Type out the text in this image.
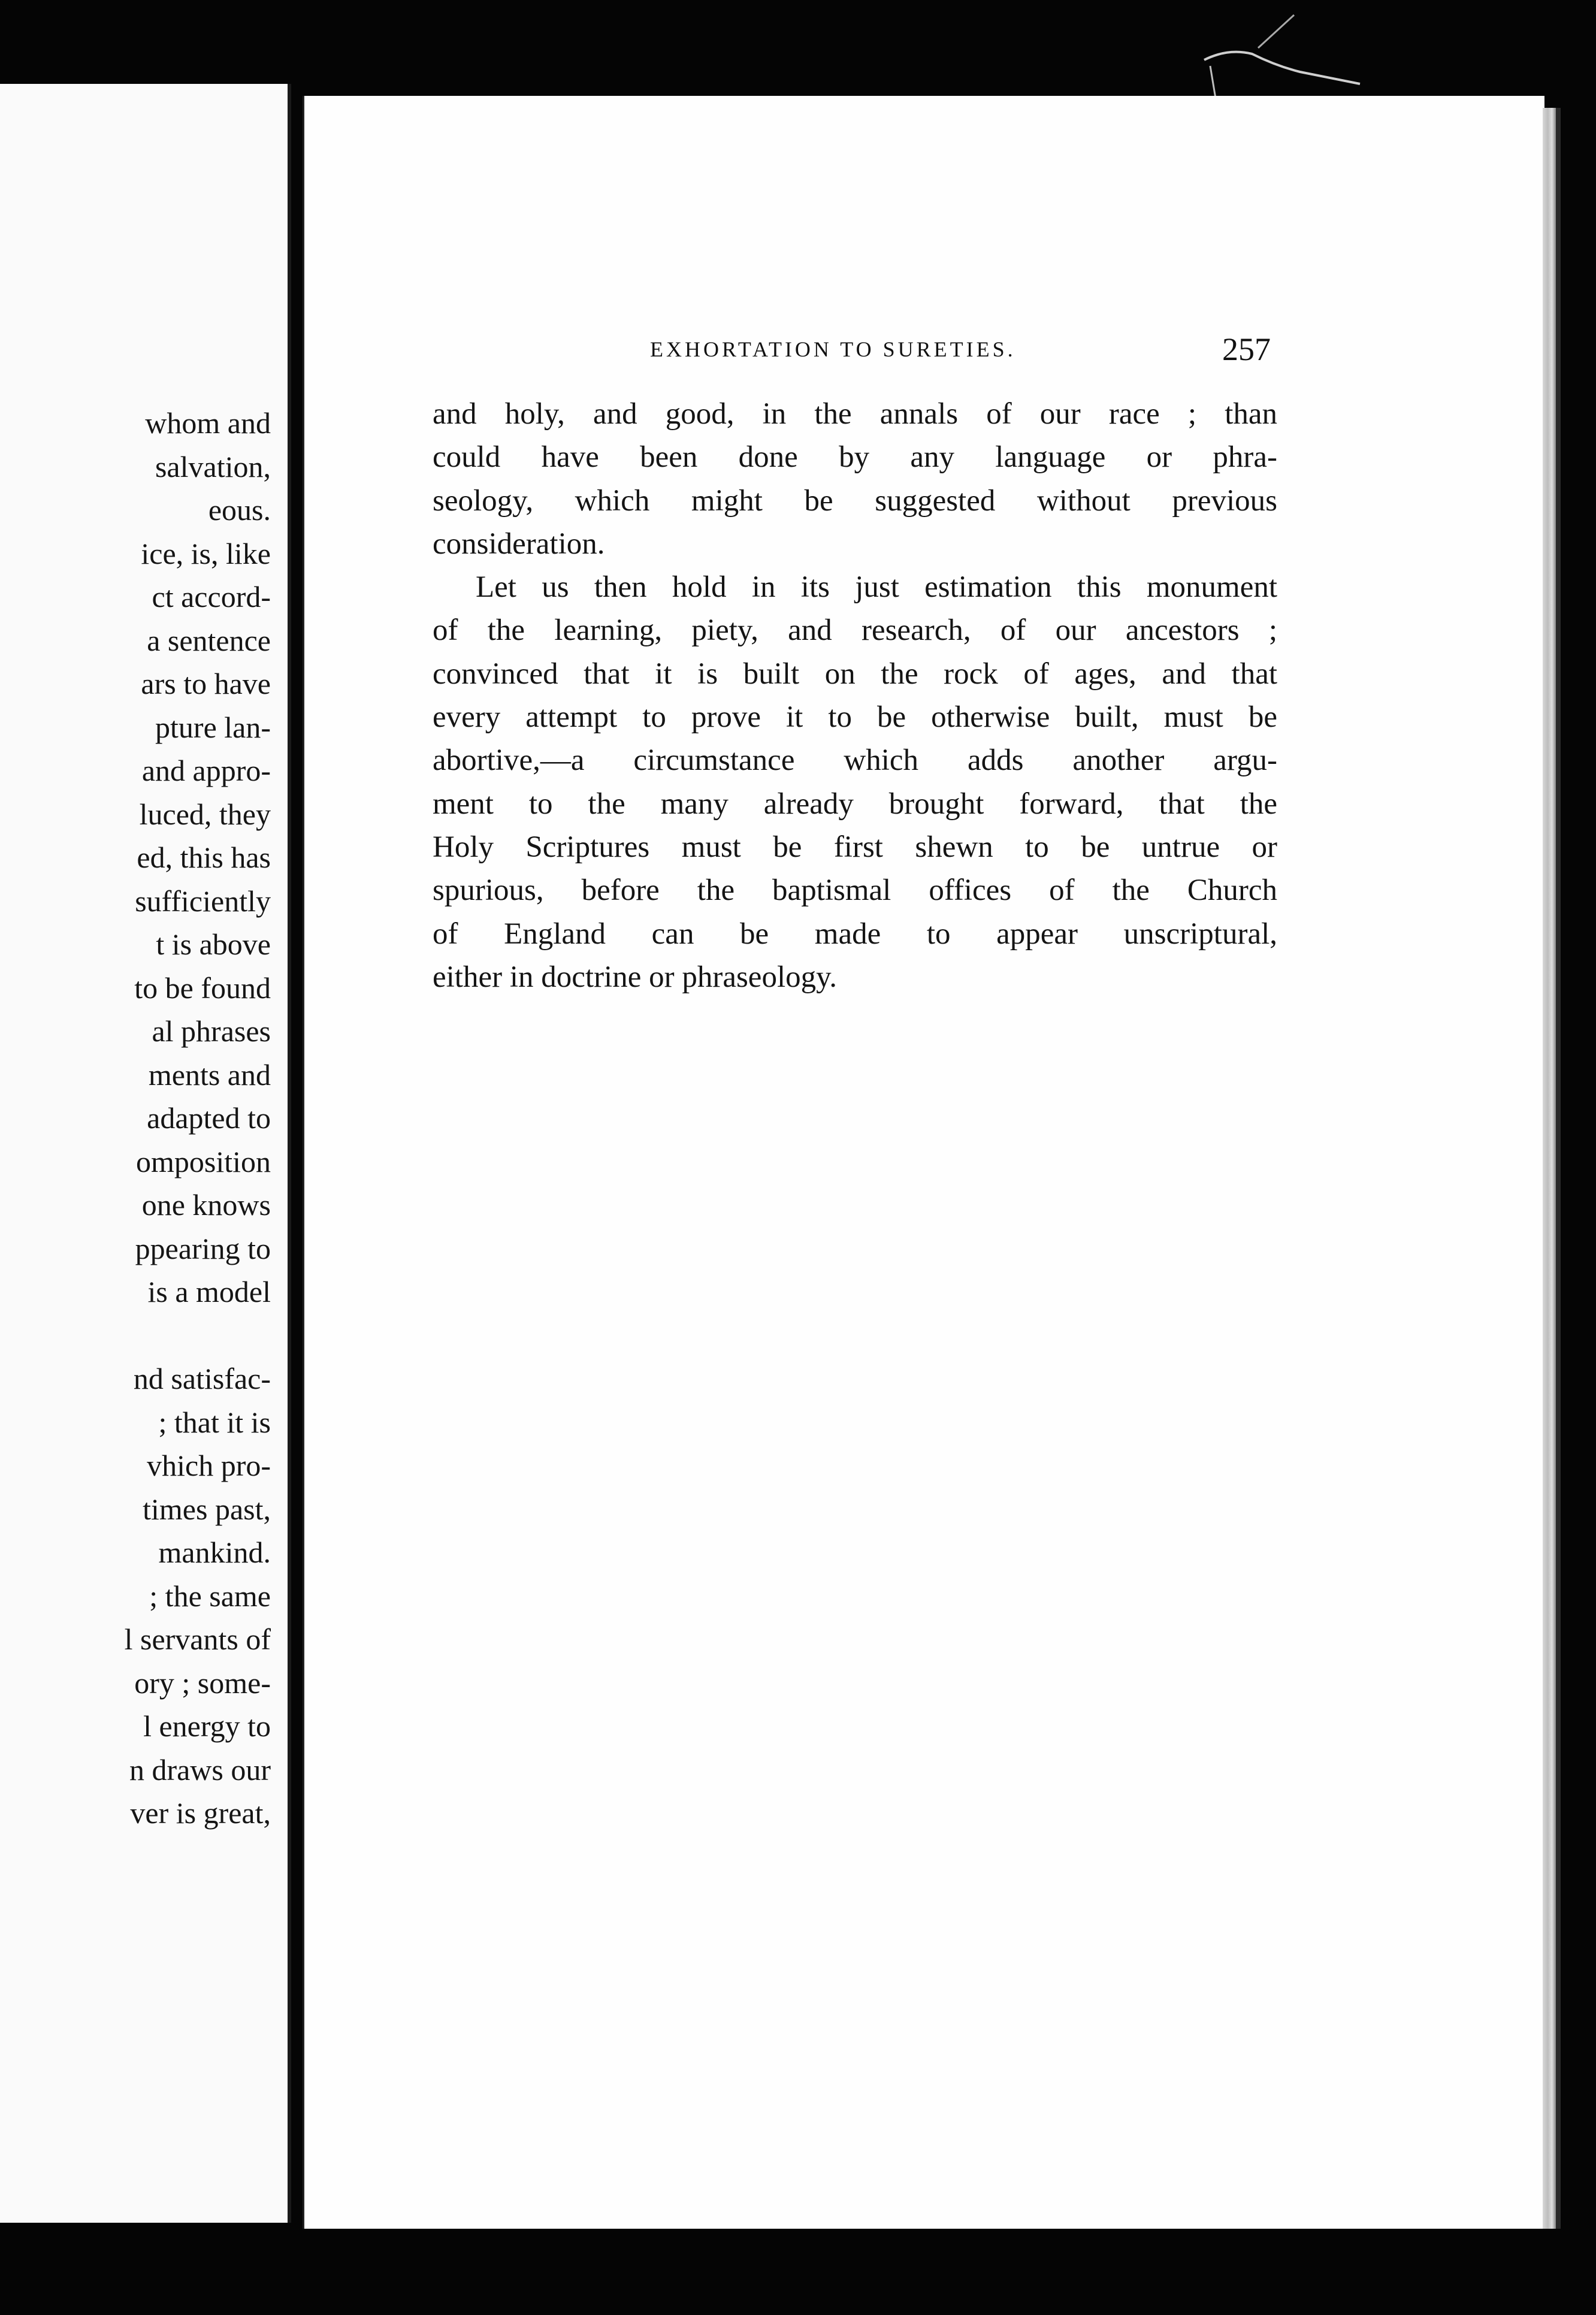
whom and
salvation,
eous.
ice, is, like
ct accord-
a sentence
ars to have
pture lan-
and appro-
luced, they
ed, this has
sufficiently
t is above
to be found
al phrases
ments and
adapted to
omposition
one knows
ppearing to
is a model
nd satisfac-
; that it is
vhich pro-
times past,
mankind.
; the same
l servants of
ory ; some-
l energy to
n draws our
ver is great,
EXHORTATION TO SURETIES.	257
and holy, and good, in the annals of our race ; than
could have been done by any language or phra-
seology, which might be suggested without previous
consideration.
Let us then hold in its just estimation this monument
of the learning, piety, and research, of our ancestors ;
convinced that it is built on the rock of ages, and that
every attempt to prove it to be otherwise built, must be
abortive,—a circumstance which adds another argu-
ment to the many already brought forward, that the
Holy Scriptures must be first shewn to be untrue or
spurious, before the baptismal offices of the Church
of England can be made to appear unscriptural,
either in doctrine or phraseology.
